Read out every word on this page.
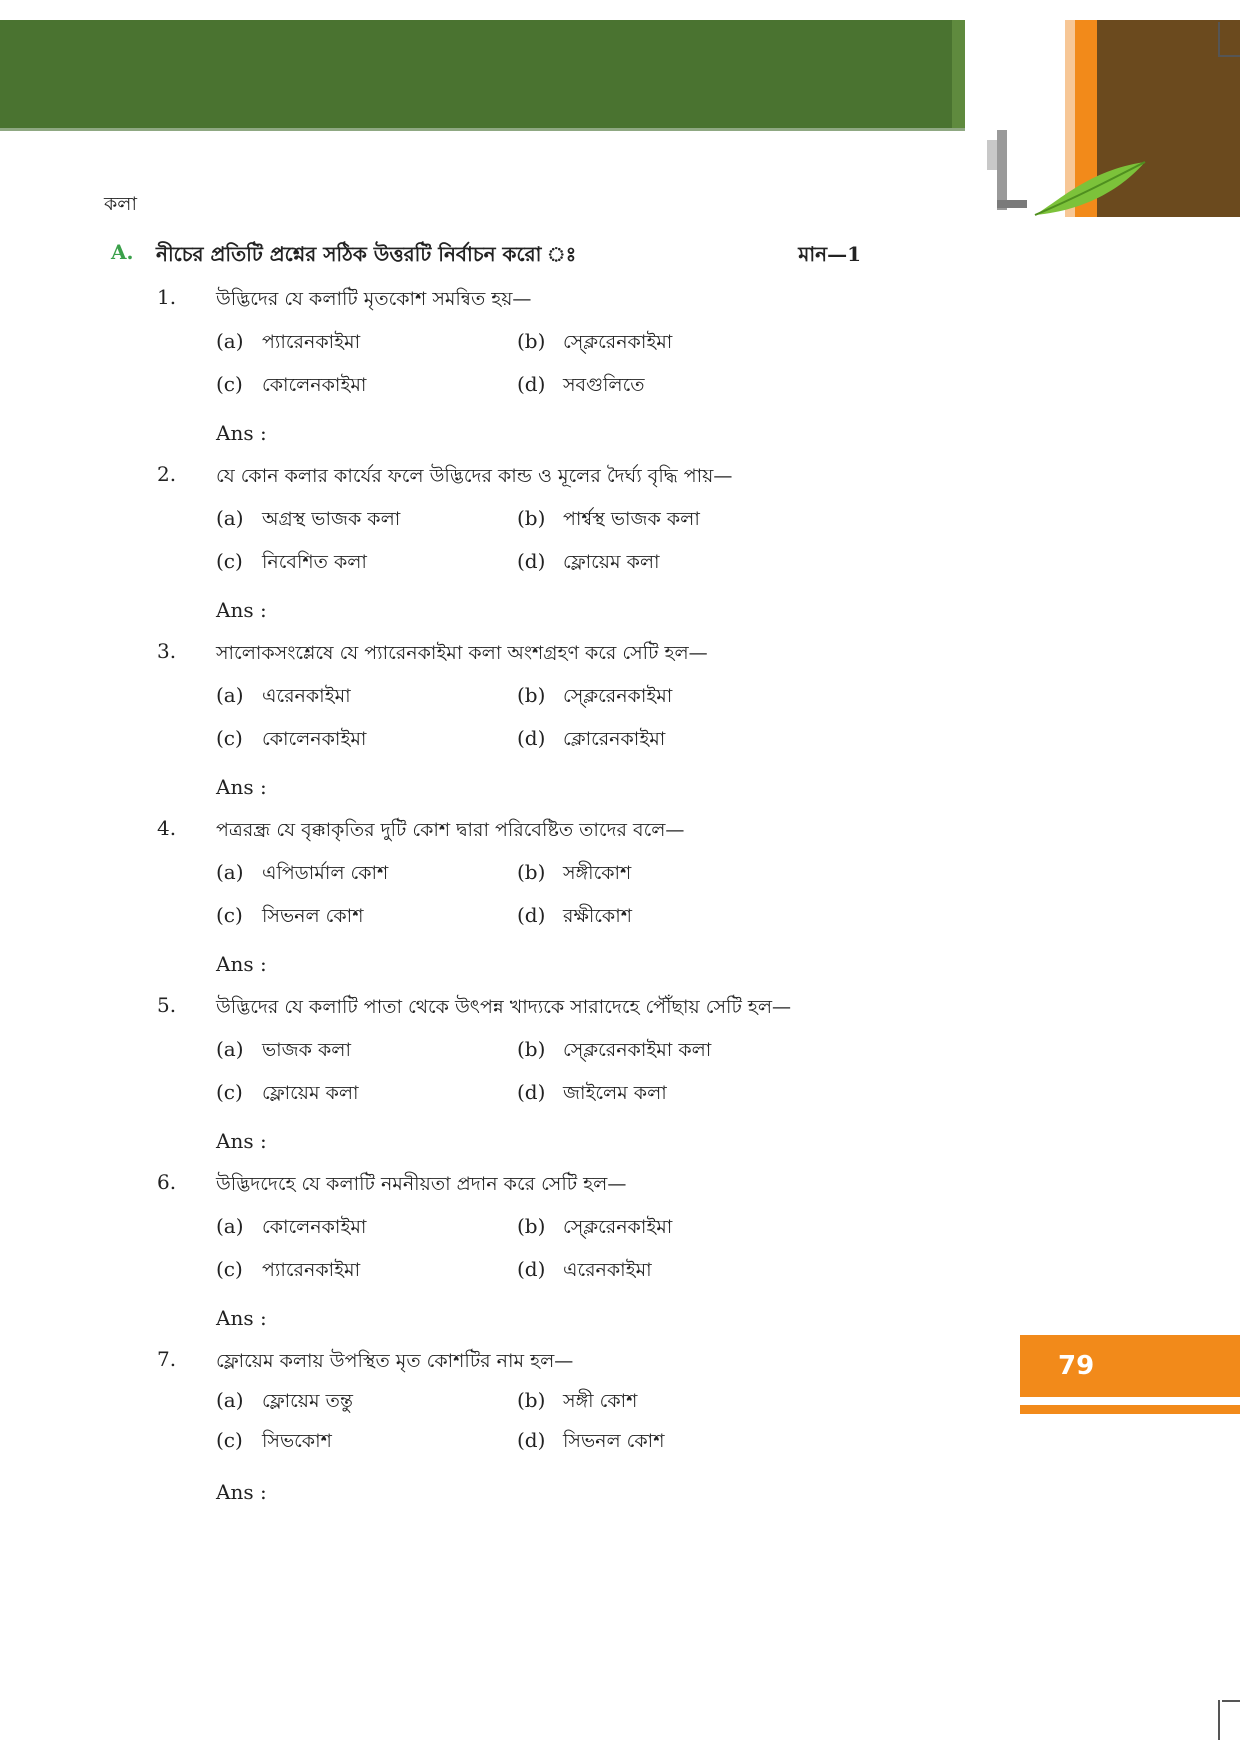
কলা
A. নীচের প্রতিটি প্রশ্নের সঠিক উত্তরটি নির্বাচন করো ঃ	মান—1
1. উদ্ভিদের যে কলাটি মৃতকোশ সমন্বিত হয়—
(a) প্যারেনকাইমা	(b) স্ক্লেরেনকাইমা
(c) কোলেনকাইমা	(d) সবগুলিতে
Ans :
2. যে কোন কলার কার্যের ফলে উদ্ভিদের কান্ড ও মূলের দৈর্ঘ্য বৃদ্ধি পায়—
(a) অগ্রস্থ ভাজক কলা	(b) পার্শ্বস্থ ভাজক কলা
(c) নিবেশিত কলা	(d) ফ্লোয়েম কলা
Ans :
3. সালোকসংশ্লেষে যে প্যারেনকাইমা কলা অংশগ্রহণ করে সেটি হল—
(a) এরেনকাইমা	(b) স্ক্লেরেনকাইমা
(c) কোলেনকাইমা	(d) ক্লোরেনকাইমা
Ans :
4. পত্ররন্ধ্র যে বৃক্কাকৃতির দুটি কোশ দ্বারা পরিবেষ্টিত তাদের বলে—
(a) এপিডার্মাল কোশ	(b) সঙ্গীকোশ
(c) সিভনল কোশ	(d) রক্ষীকোশ
Ans :
5. উদ্ভিদের যে কলাটি পাতা থেকে উৎপন্ন খাদ্যকে সারাদেহে পৌঁছায় সেটি হল—
(a) ভাজক কলা	(b) স্ক্লেরেনকাইমা কলা
(c) ফ্লোয়েম কলা	(d) জাইলেম কলা
Ans :
6. উদ্ভিদদেহে যে কলাটি নমনীয়তা প্রদান করে সেটি হল—
(a) কোলেনকাইমা	(b) স্ক্লেরেনকাইমা
(c) প্যারেনকাইমা	(d) এরেনকাইমা
Ans :
7. ফ্লোয়েম কলায় উপস্থিত মৃত কোশটির নাম হল—
(a) ফ্লোয়েম তন্তু	(b) সঙ্গী কোশ
(c) সিভকোশ	(d) সিভনল কোশ
Ans :
79
